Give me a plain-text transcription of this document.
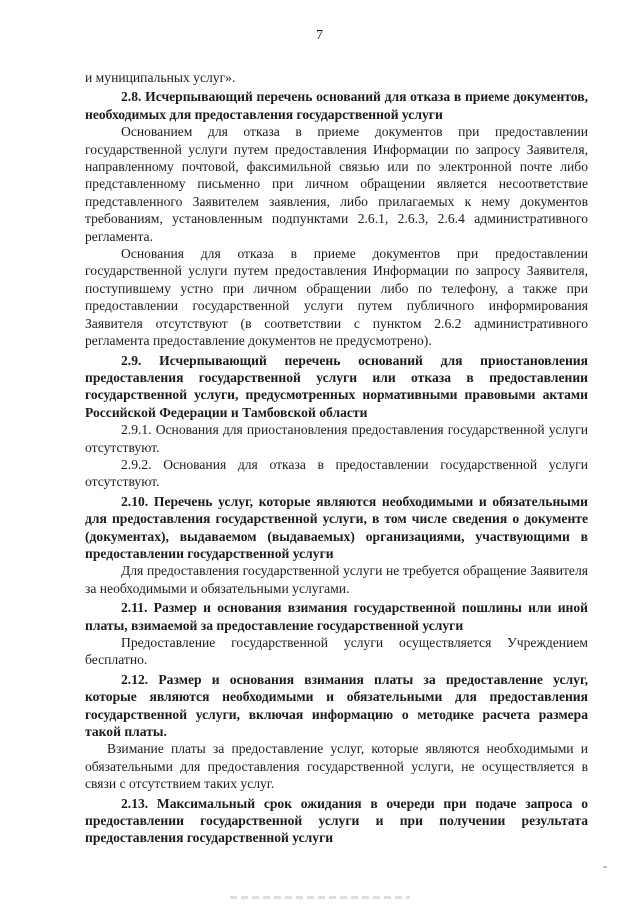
7

и муниципальных услуг».

2.8. Исчерпывающий перечень оснований для отказа в приеме документов, необходимых для предоставления государственной услуги

Основанием для отказа в приеме документов при предоставлении государственной услуги путем предоставления Информации по запросу Заявителя, направленному почтовой, факсимильной связью или по электронной почте либо представленному письменно при личном обращении является несоответствие представленного Заявителем заявления, либо прилагаемых к нему документов требованиям, установленным подпунктами 2.6.1, 2.6.3, 2.6.4 административного регламента.

Основания для отказа в приеме документов при предоставлении государственной услуги путем предоставления Информации по запросу Заявителя, поступившему устно при личном обращении либо по телефону, а также при предоставлении государственной услуги путем публичного информирования Заявителя отсутствуют (в соответствии с пунктом 2.6.2 административного регламента предоставление документов не предусмотрено).

2.9. Исчерпывающий перечень оснований для приостановления предоставления государственной услуги или отказа в предоставлении государственной услуги, предусмотренных нормативными правовыми актами Российской Федерации и Тамбовской области

2.9.1. Основания для приостановления предоставления государственной услуги отсутствуют.

2.9.2. Основания для отказа в предоставлении государственной услуги отсутствуют.

2.10. Перечень услуг, которые являются необходимыми и обязательными для предоставления государственной услуги, в том числе сведения о документе (документах), выдаваемом (выдаваемых) организациями, участвующими в предоставлении государственной услуги

Для предоставления государственной услуги не требуется обращение Заявителя за необходимыми и обязательными услугами.

2.11. Размер и основания взимания государственной пошлины или иной платы, взимаемой за предоставление государственной услуги

Предоставление государственной услуги осуществляется Учреждением бесплатно.

2.12. Размер и основания взимания платы за предоставление услуг, которые являются необходимыми и обязательными для предоставления государственной услуги, включая информацию о методике расчета размера такой платы.

Взимание платы за предоставление услуг, которые являются необходимыми и обязательными для предоставления государственной услуги, не осуществляется в связи с отсутствием таких услуг.

2.13. Максимальный срок ожидания в очереди при подаче запроса о предоставлении государственной услуги и при получении результата предоставления государственной услуги
